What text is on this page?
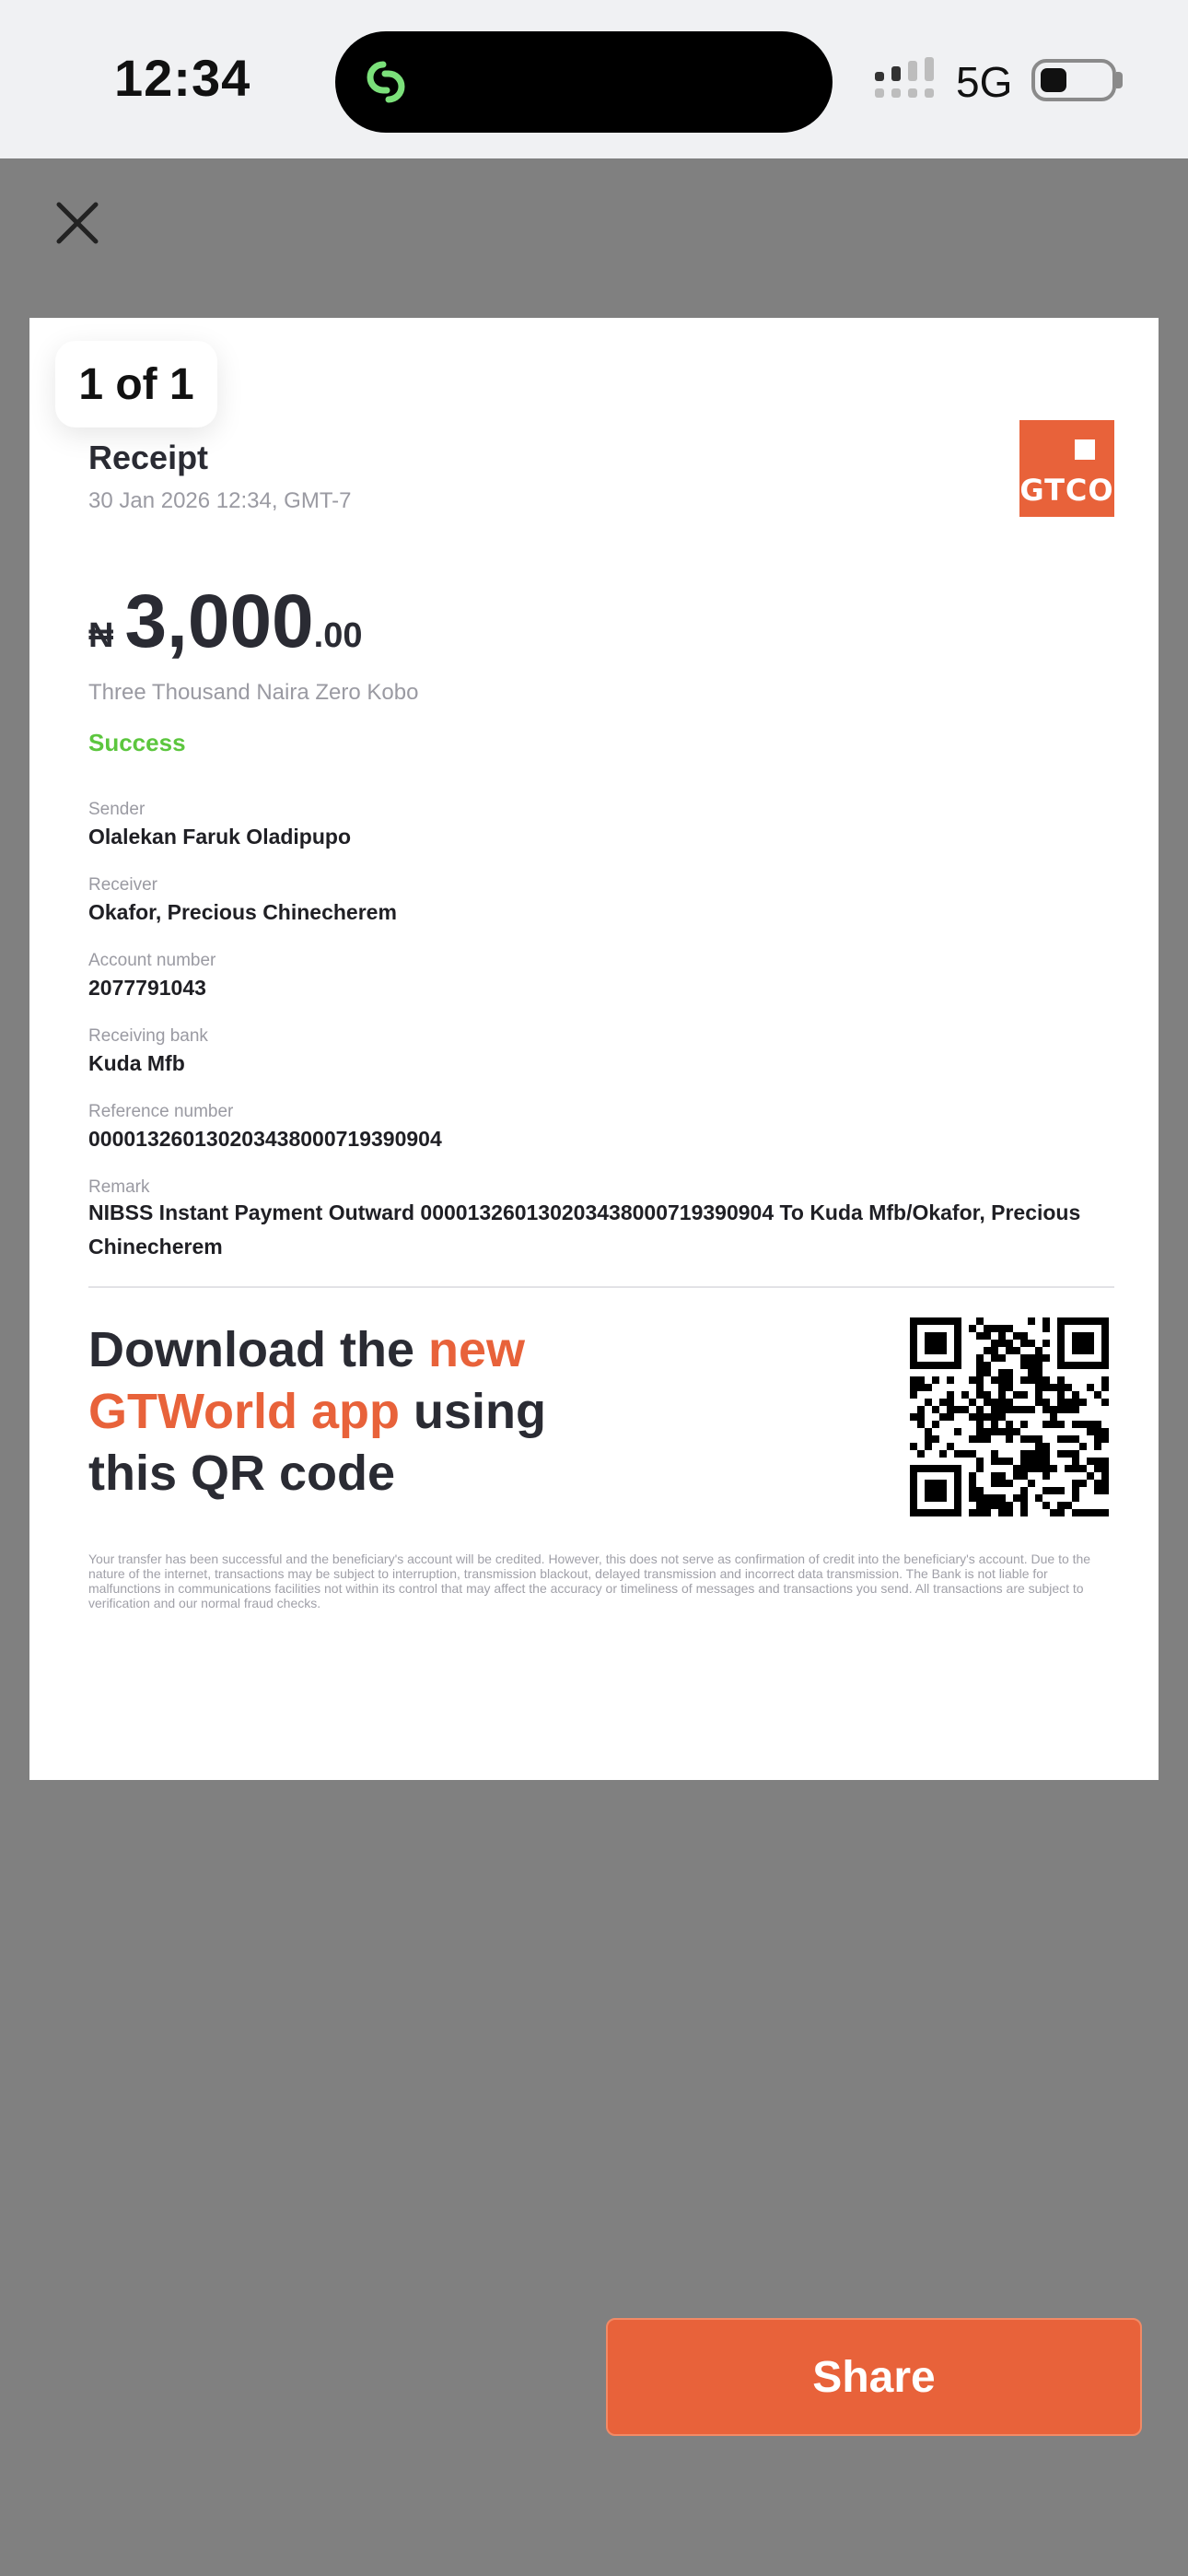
12:34	5G
1 of 1
Receipt
30 Jan 2026 12:34, GMT-7	GTCO
₦ 3,000.00
Three Thousand Naira Zero Kobo
Success
Sender
Olalekan Faruk Oladipupo
Receiver
Okafor, Precious Chinecherem
Account number
2077791043
Receiving bank
Kuda Mfb
Reference number
000013260130203438000719390904
Remark
NIBSS Instant Payment Outward 000013260130203438000719390904 To Kuda Mfb/Okafor, Precious Chinecherem
Download the new
GTWorld app using
this QR code
Your transfer has been successful and the beneficiary's account will be credited. However, this does not serve as confirmation of credit into the beneficiary's account. Due to the nature of the internet, transactions may be subject to interruption, transmission blackout, delayed transmission and incorrect data transmission. The Bank is not liable for malfunctions in communications facilities not within its control that may affect the accuracy or timeliness of messages and transactions you send. All transactions are subject to verification and our normal fraud checks.
Share
